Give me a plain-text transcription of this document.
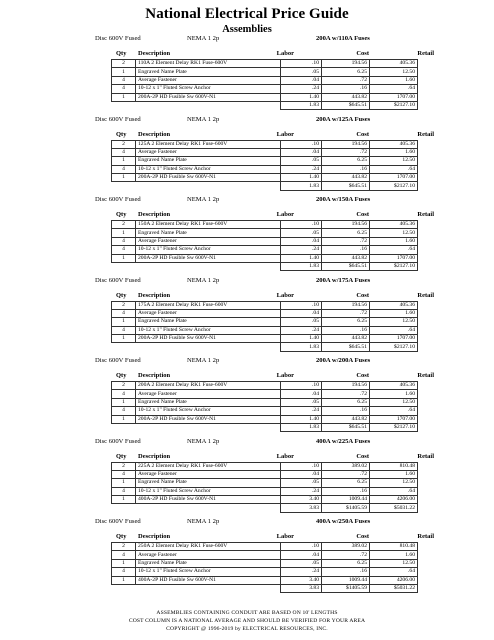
National Electrical Price Guide
Assemblies
Disc 600V Fused	NEMA 1 2p	200A w/110A Fuses
Qty Description	Labor	Cost	Retail
2	110A 2 Element Delay RK1 Fuse-600V	.10	194.56	405.36
1	Engraved Name Plate	.05	6.25	12.50
4	Average Fastener	.04	.72	1.60
4	10-12 x 1" Fluted Screw Anchor	.24	.16	.64
1	200A-2P HD Fusible Sw 600V-N1	1.40	443.82	1707.00
		1.83	$645.51	$2127.10
Disc 600V Fused	NEMA 1 2p	200A w/125A Fuses
Qty Description	Labor	Cost	Retail
2	125A 2 Element Delay RK1 Fuse-600V	.10	194.56	405.36
4	Average Fastener	.04	.72	1.60
1	Engraved Name Plate	.05	6.25	12.50
4	10-12 x 1" Fluted Screw Anchor	.24	.16	.64
1	200A-2P HD Fusible Sw 600V-N1	1.40	443.82	1707.00
		1.83	$645.51	$2127.10
Disc 600V Fused	NEMA 1 2p	200A w/150A Fuses
Qty Description	Labor	Cost	Retail
2	150A 2 Element Delay RK1 Fuse-600V	.10	194.56	405.36
1	Engraved Name Plate	.05	6.25	12.50
4	Average Fastener	.04	.72	1.60
4	10-12 x 1" Fluted Screw Anchor	.24	.16	.64
1	200A-2P HD Fusible Sw 600V-N1	1.40	443.82	1707.00
		1.83	$645.51	$2127.10
Disc 600V Fused	NEMA 1 2p	200A w/175A Fuses
Qty Description	Labor	Cost	Retail
2	175A 2 Element Delay RK1 Fuse-600V	.10	194.56	405.36
4	Average Fastener	.04	.72	1.60
1	Engraved Name Plate	.05	6.25	12.50
4	10-12 x 1" Fluted Screw Anchor	.24	.16	.64
1	200A-2P HD Fusible Sw 600V-N1	1.40	443.82	1707.00
		1.83	$645.51	$2127.10
Disc 600V Fused	NEMA 1 2p	200A w/200A Fuses
Qty Description	Labor	Cost	Retail
2	200A 2 Element Delay RK1 Fuse-600V	.10	194.56	405.36
4	Average Fastener	.04	.72	1.60
1	Engraved Name Plate	.05	6.25	12.50
4	10-12 x 1" Fluted Screw Anchor	.24	.16	.64
1	200A-2P HD Fusible Sw 600V-N1	1.40	443.82	1707.00
		1.83	$645.51	$2127.10
Disc 600V Fused	NEMA 1 2p	400A w/225A Fuses
Qty Description	Labor	Cost	Retail
2	225A 2 Element Delay RK1 Fuse-600V	.10	389.02	810.48
4	Average Fastener	.04	.72	1.60
1	Engraved Name Plate	.05	6.25	12.50
4	10-12 x 1" Fluted Screw Anchor	.24	.16	.64
1	400A-2P HD Fusible Sw 600V-N1	3.40	1009.44	4206.00
		3.83	$1405.59	$5031.22
Disc 600V Fused	NEMA 1 2p	400A w/250A Fuses
Qty Description	Labor	Cost	Retail
2	250A 2 Element Delay RK1 Fuse-600V	.10	389.02	810.48
4	Average Fastener	.04	.72	1.60
1	Engraved Name Plate	.05	6.25	12.50
4	10-12 x 1" Fluted Screw Anchor	.24	.16	.64
1	400A-2P HD Fusible Sw 600V-N1	3.40	1009.44	4206.00
		3.83	$1405.59	$5031.22
ASSEMBLIES CONTAINING CONDUIT ARE BASED ON 10' LENGTHS
COST COLUMN IS A NATIONAL AVERAGE AND SHOULD BE VERIFIED FOR YOUR AREA
COPYRIGHT @ 1996-2019 by ELECTRICAL RESOURCES, INC.
